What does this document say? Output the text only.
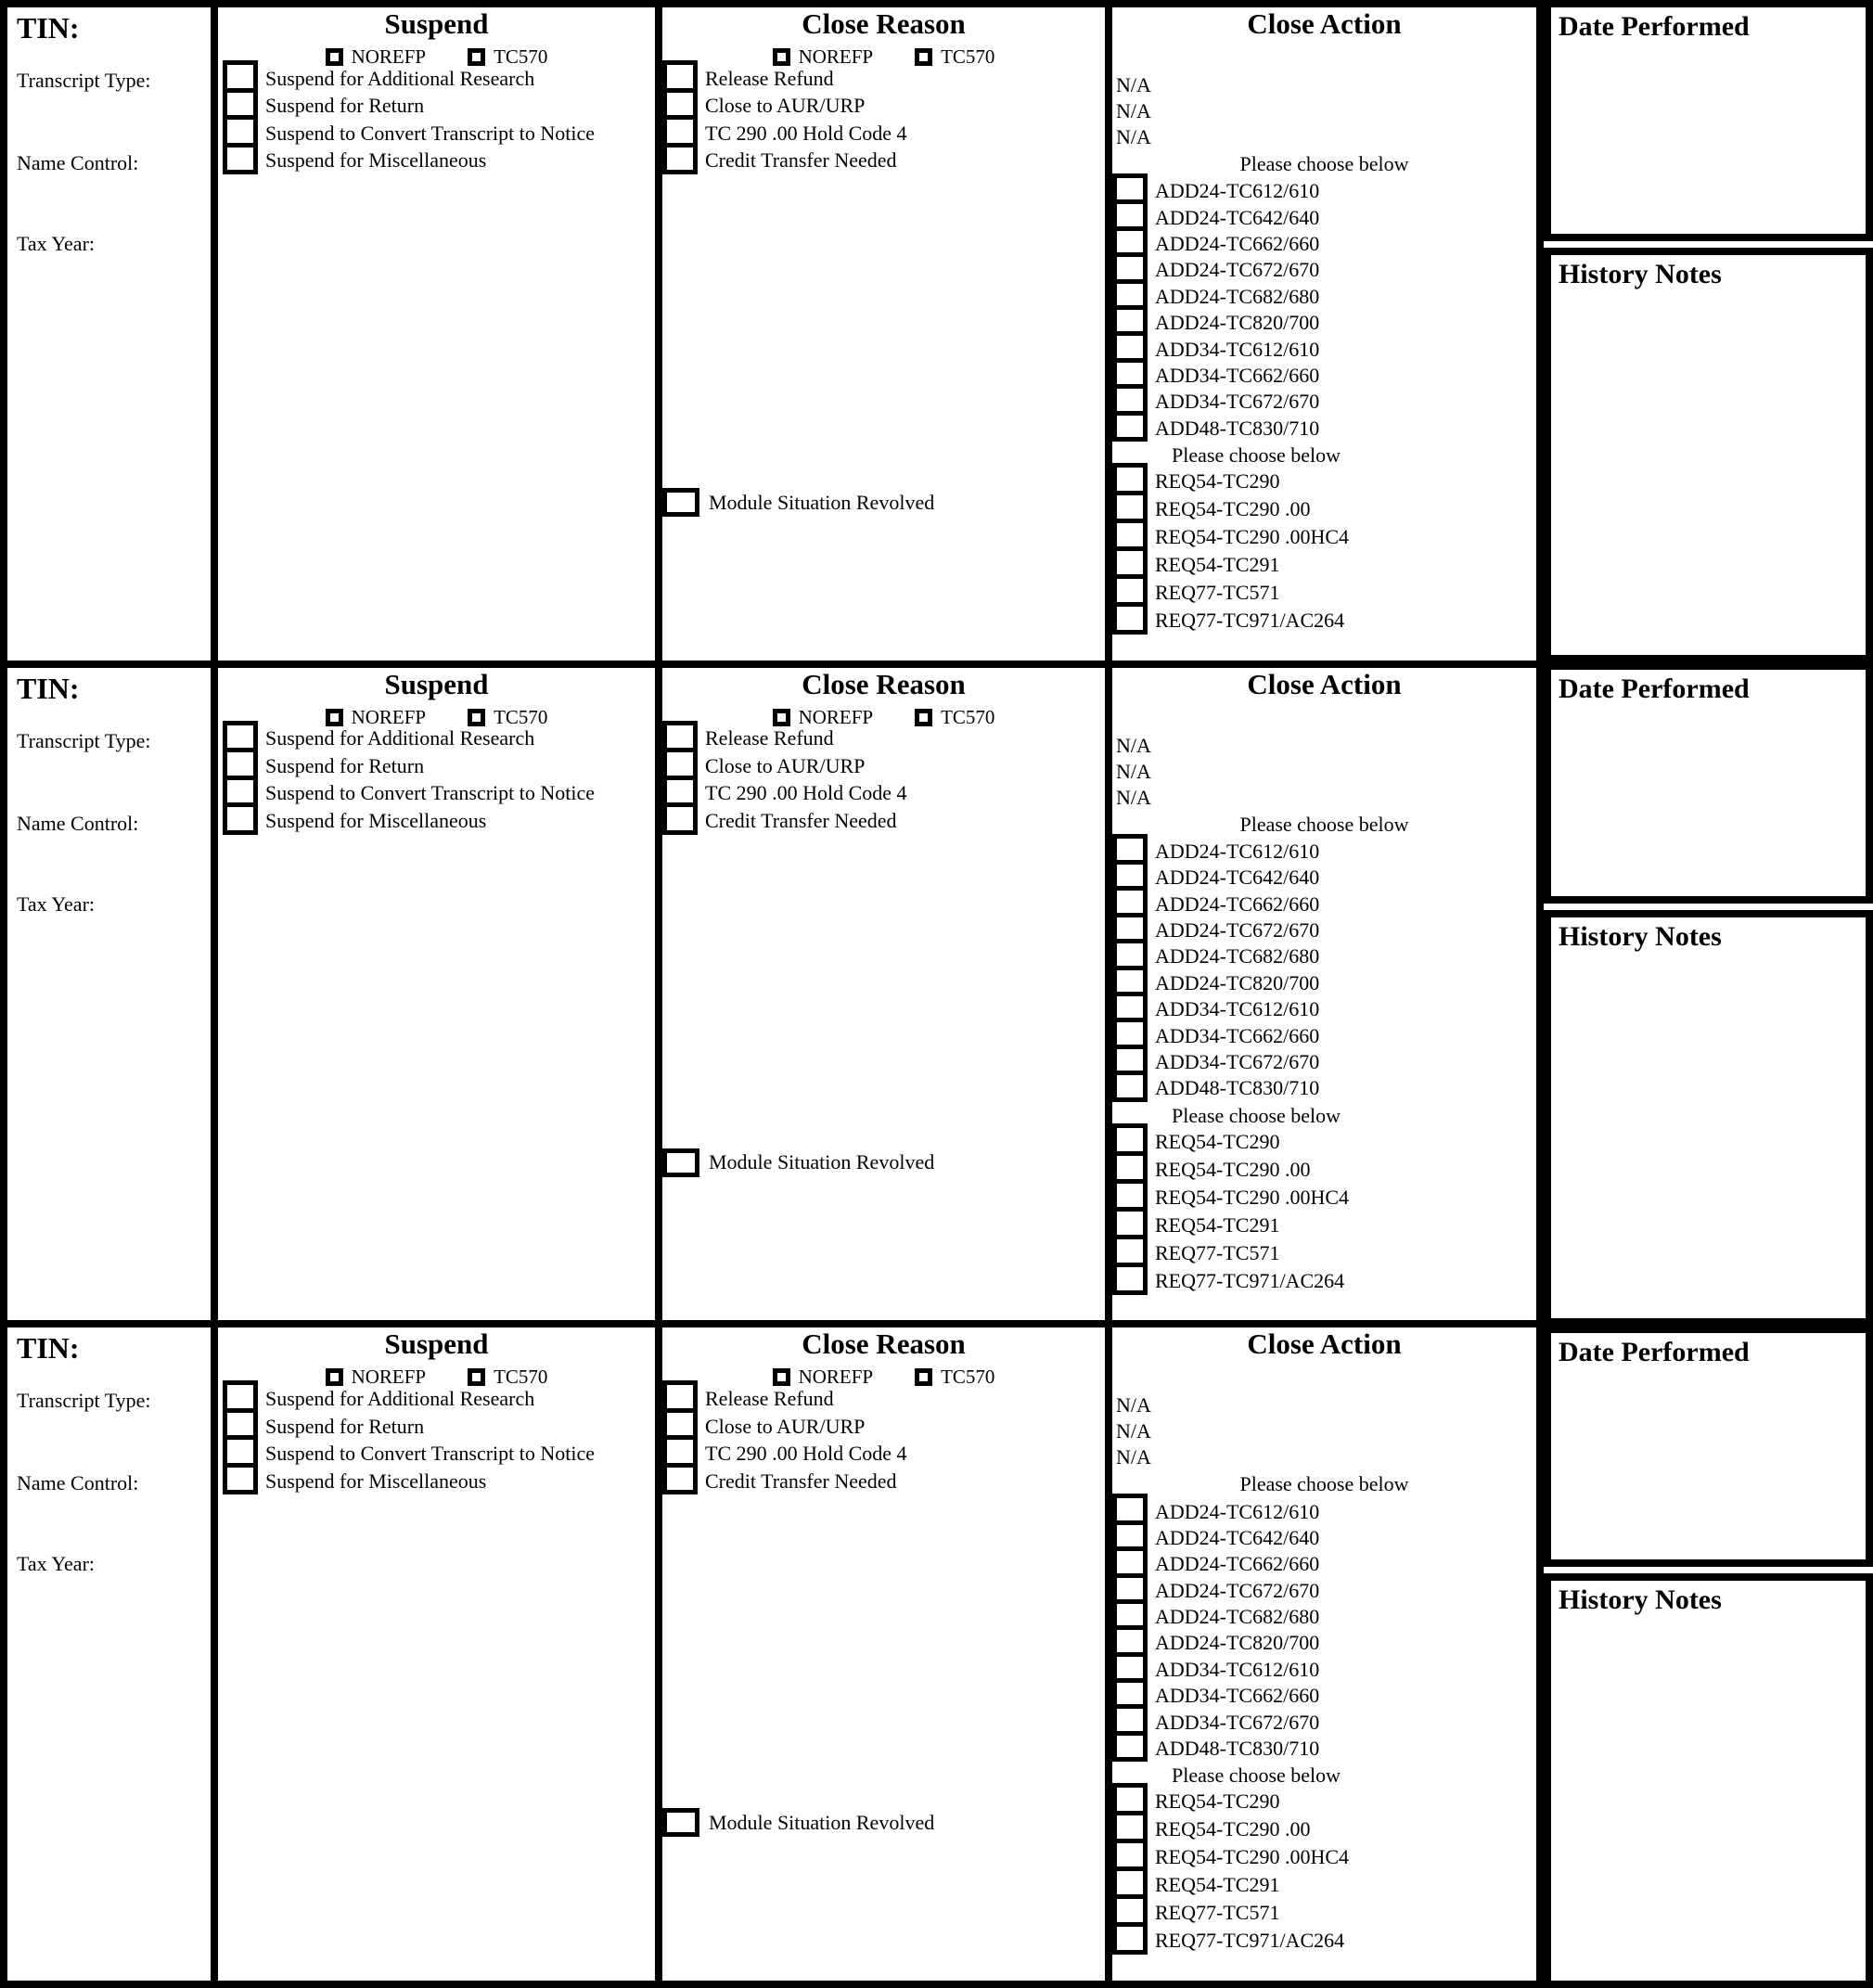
TIN:
Transcript Type:
Name Control:
Tax Year:
Suspend
NOREFP	TC570
Suspend for Additional Research
Suspend for Return
Suspend to Convert Transcript to Notice
Suspend for Miscellaneous
Close Reason
NOREFP	TC570
Release Refund
Close to AUR/URP
TC 290 .00 Hold Code 4
Credit Transfer Needed
Module Situation Revolved
Close Action
N/A
N/A
N/A
Please choose below
ADD24-TC612/610
ADD24-TC642/640
ADD24-TC662/660
ADD24-TC672/670
ADD24-TC682/680
ADD24-TC820/700
ADD34-TC612/610
ADD34-TC662/660
ADD34-TC672/670
ADD48-TC830/710
Please choose below
REQ54-TC290
REQ54-TC290 .00
REQ54-TC290 .00HC4
REQ54-TC291
REQ77-TC571
REQ77-TC971/AC264
TIN:
Transcript Type:
Name Control:
Tax Year:
Suspend
NOREFP	TC570
Suspend for Additional Research
Suspend for Return
Suspend to Convert Transcript to Notice
Suspend for Miscellaneous
Close Reason
NOREFP	TC570
Release Refund
Close to AUR/URP
TC 290 .00 Hold Code 4
Credit Transfer Needed
Module Situation Revolved
Close Action
N/A
N/A
N/A
Please choose below
ADD24-TC612/610
ADD24-TC642/640
ADD24-TC662/660
ADD24-TC672/670
ADD24-TC682/680
ADD24-TC820/700
ADD34-TC612/610
ADD34-TC662/660
ADD34-TC672/670
ADD48-TC830/710
Please choose below
REQ54-TC290
REQ54-TC290 .00
REQ54-TC290 .00HC4
REQ54-TC291
REQ77-TC571
REQ77-TC971/AC264
TIN:
Transcript Type:
Name Control:
Tax Year:
Suspend
NOREFP	TC570
Suspend for Additional Research
Suspend for Return
Suspend to Convert Transcript to Notice
Suspend for Miscellaneous
Close Reason
NOREFP	TC570
Release Refund
Close to AUR/URP
TC 290 .00 Hold Code 4
Credit Transfer Needed
Module Situation Revolved
Close Action
N/A
N/A
N/A
Please choose below
ADD24-TC612/610
ADD24-TC642/640
ADD24-TC662/660
ADD24-TC672/670
ADD24-TC682/680
ADD24-TC820/700
ADD34-TC612/610
ADD34-TC662/660
ADD34-TC672/670
ADD48-TC830/710
Please choose below
REQ54-TC290
REQ54-TC290 .00
REQ54-TC290 .00HC4
REQ54-TC291
REQ77-TC571
REQ77-TC971/AC264
Date Performed
History Notes
Date Performed
History Notes
Date Performed
History Notes
